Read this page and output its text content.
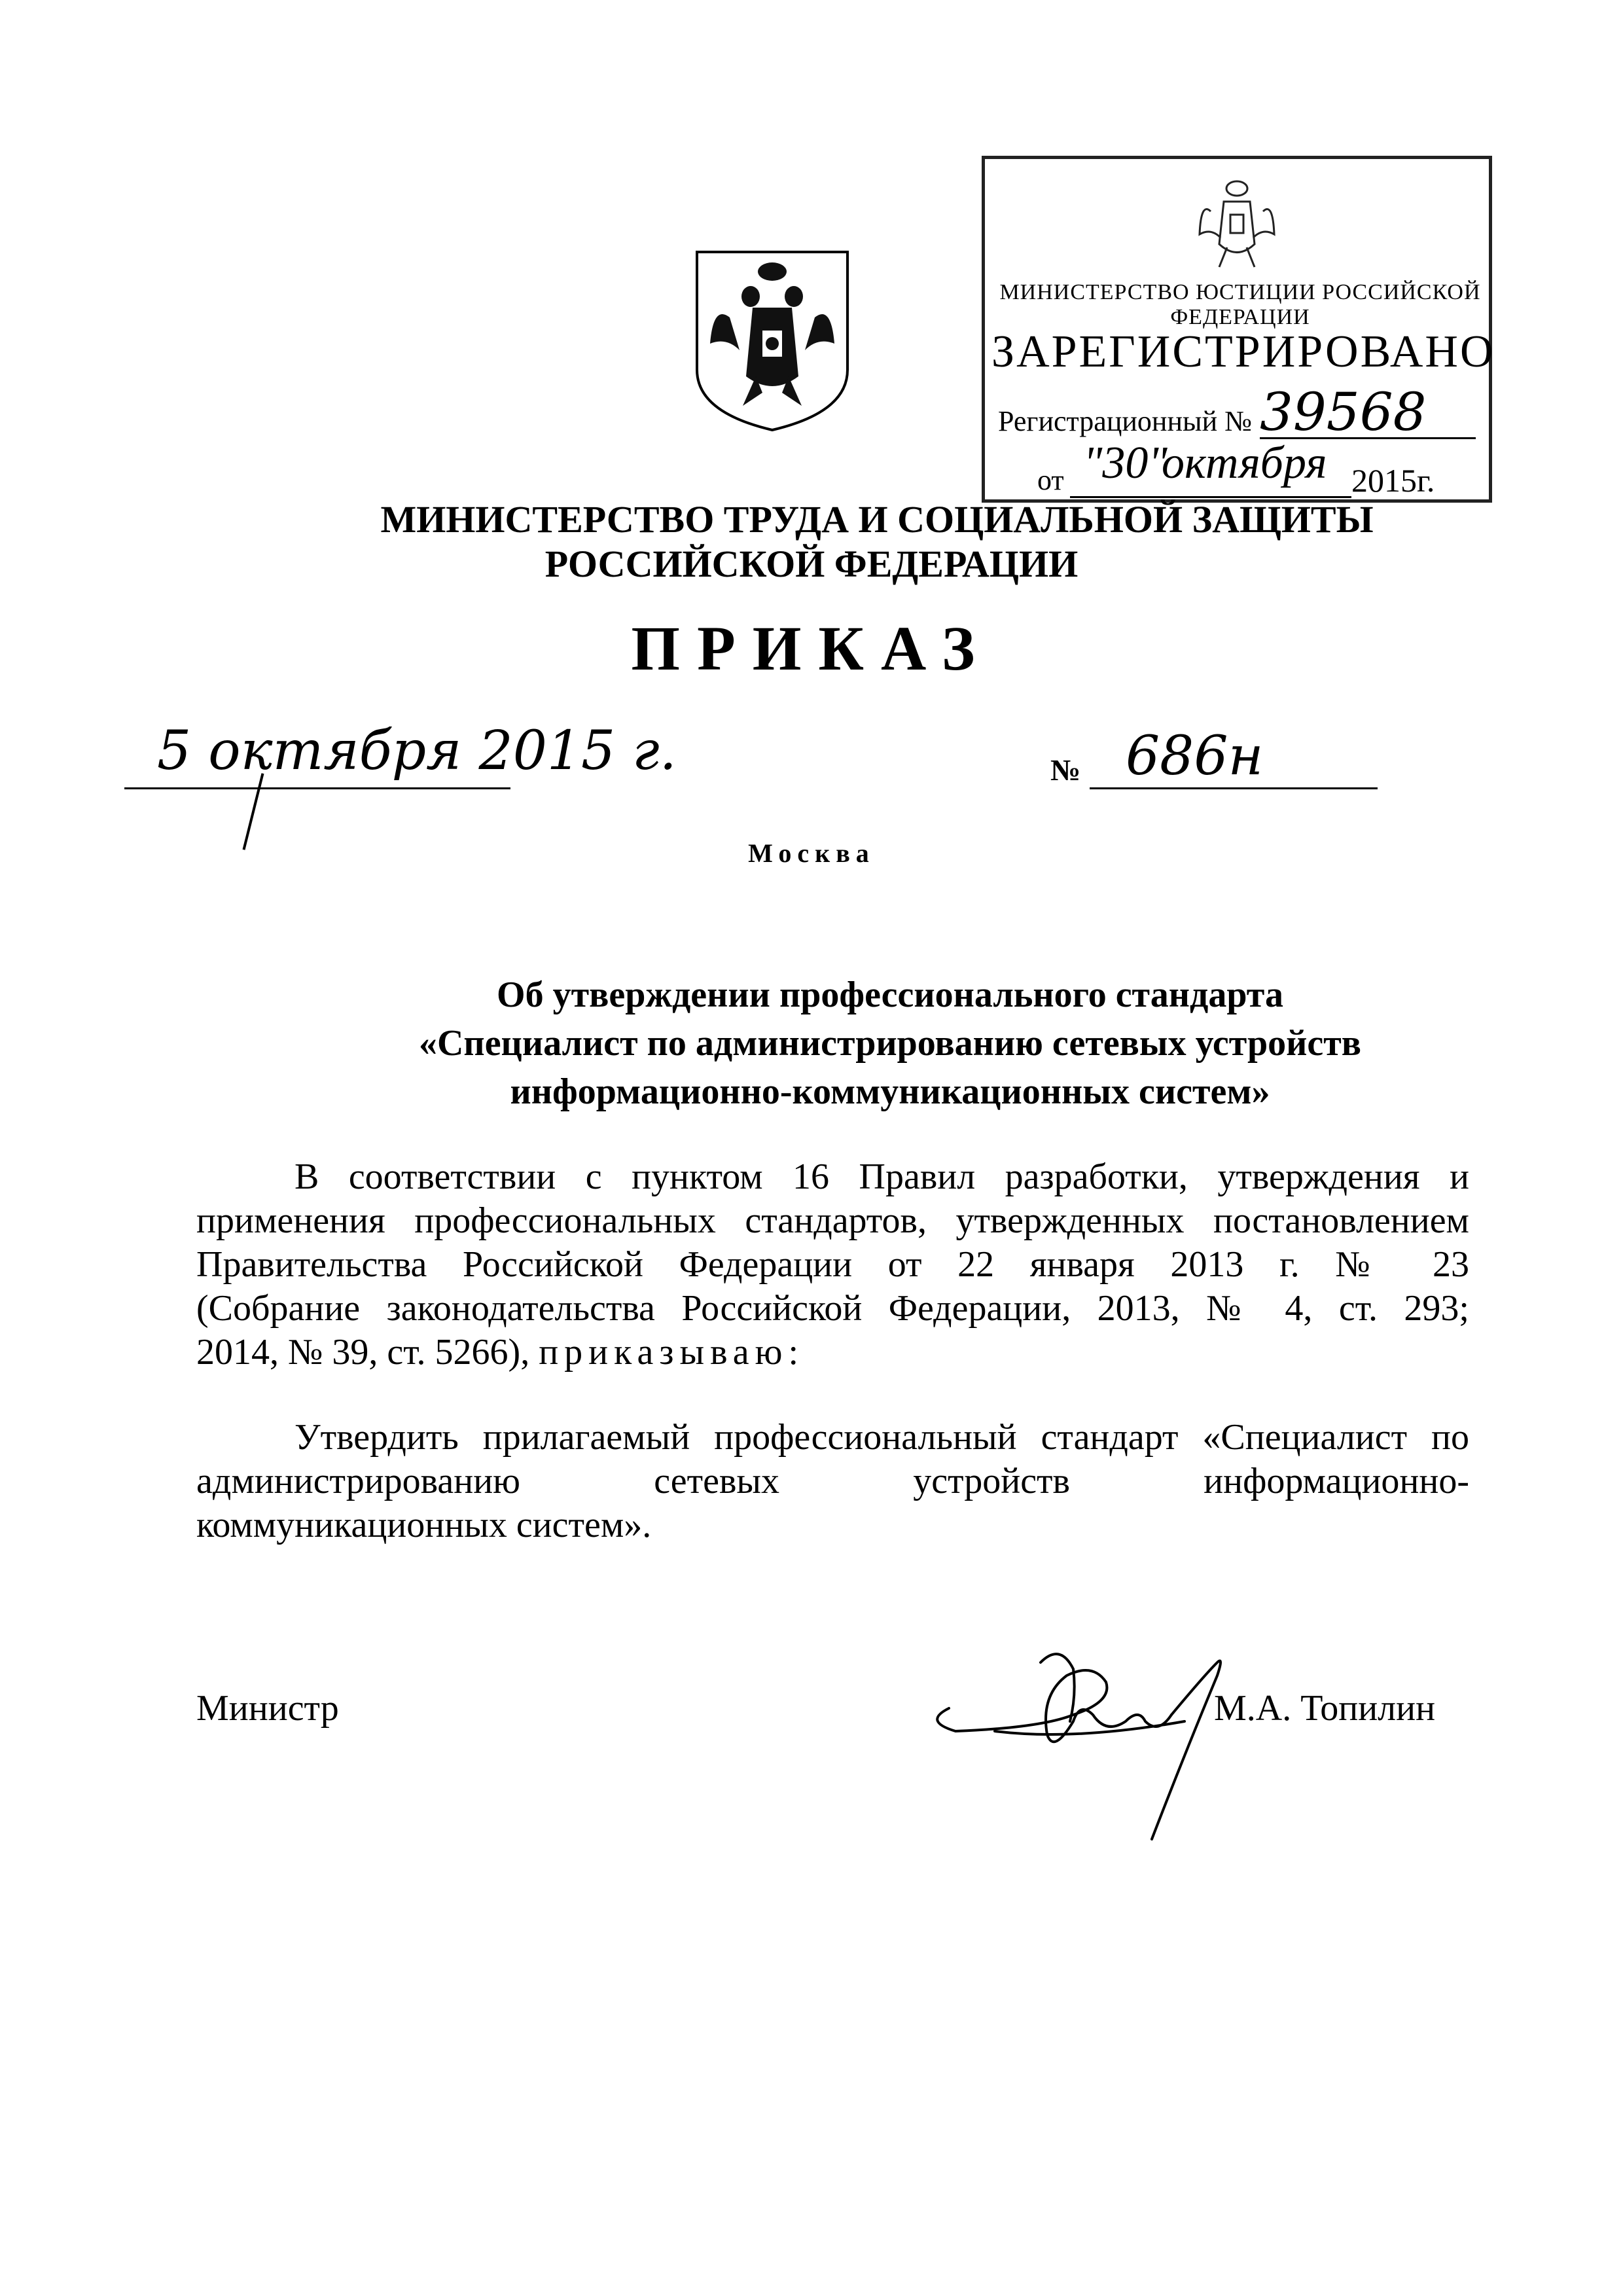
МИНИСТЕРСТВО ЮСТИЦИИ РОССИЙСКОЙ ФЕДЕРАЦИИ
ЗАРЕГИСТРИРОВАНО
Регистрационный № 39568
от "30"
октября 2015г.
МИНИСТЕРСТВО ТРУДА И СОЦИАЛЬНОЙ ЗАЩИТЫ
РОССИЙСКОЙ ФЕДЕРАЦИИ
ПРИКАЗ
5 октября 2015 г.	№ 686н
Москва
Об утверждении профессионального стандарта
«Специалист по администрированию сетевых устройств
информационно-коммуникационных систем»
В соответствии с пунктом 16 Правил разработки, утверждения и
применения профессиональных стандартов, утвержденных постановлением
Правительства Российской Федерации от 22 января 2013 г. № 23
(Собрание законодательства Российской Федерации, 2013, № 4, ст. 293;
2014, № 39, ст. 5266), приказываю:
Утвердить прилагаемый профессиональный стандарт «Специалист по
администрированию сетевых устройств информационно-
коммуникационных систем».
Министр	М.А. Топилин
